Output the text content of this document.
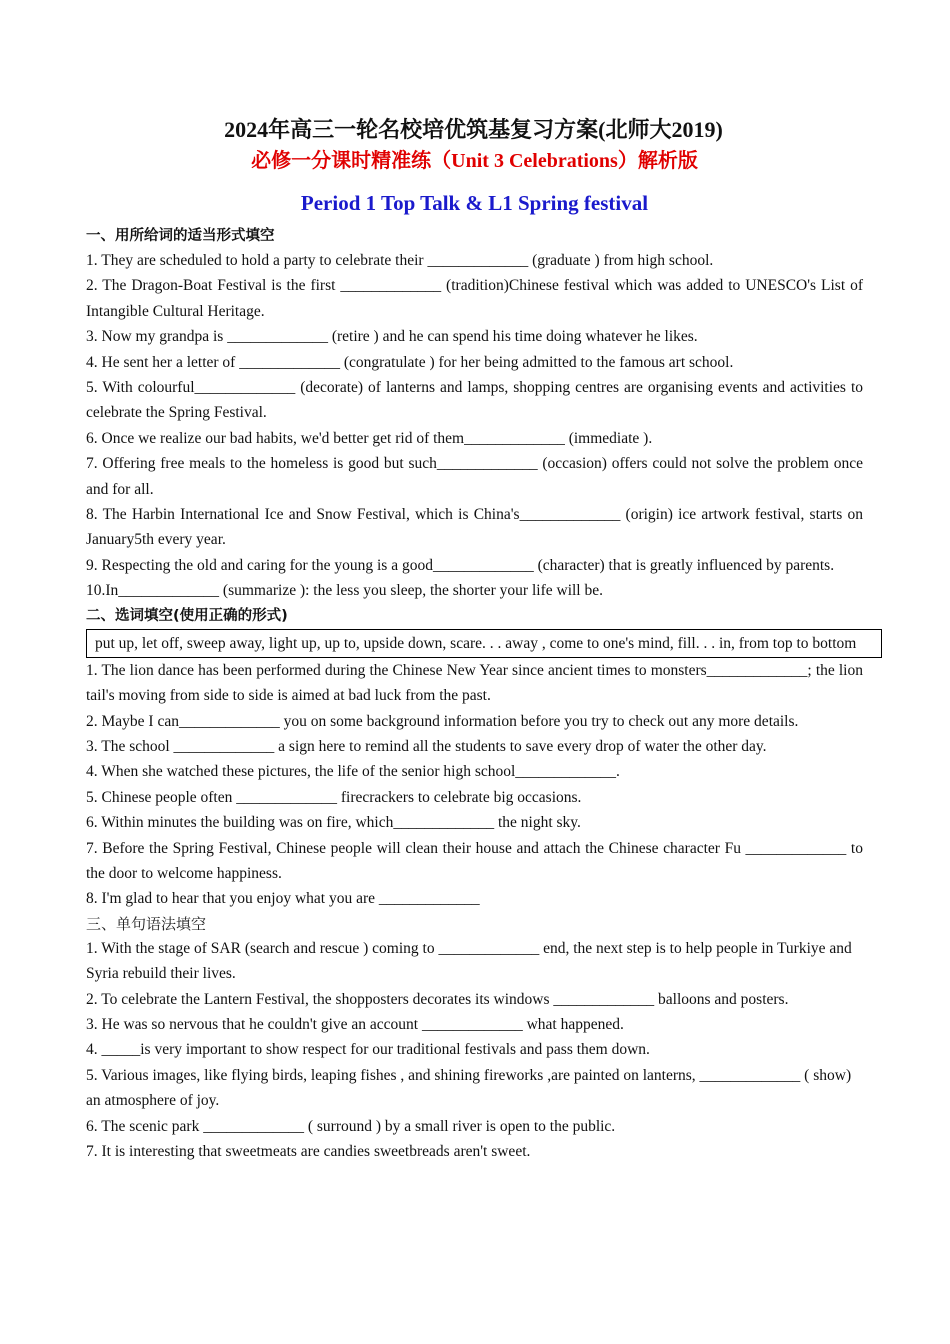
2024年高三一轮名校培优筑基复习方案(北师大2019)
必修一分课时精准练（Unit 3 Celebrations）解析版
Period 1 Top Talk & L1 Spring festival
一、用所给词的适当形式填空
1. They are scheduled to hold a party to celebrate their _____________ (graduate ) from high school.
2. The Dragon-Boat Festival is the first _____________ (tradition)Chinese festival which was added to UNESCO's List of Intangible Cultural Heritage.
3. Now my grandpa is _____________ (retire ) and he can spend his time doing whatever he likes.
4. He sent her a letter of _____________ (congratulate ) for her being admitted to the famous art school.
5. With colourful_____________ (decorate) of lanterns and lamps, shopping centres are organising events and activities to celebrate the Spring Festival.
6. Once we realize our bad habits, we'd better get rid of them_____________ (immediate ).
7. Offering free meals to the homeless is good but such_____________ (occasion) offers could not solve the problem once and for all.
8. The Harbin International Ice and Snow Festival, which is China's_____________ (origin) ice artwork festival, starts on January5th every year.
9. Respecting the old and caring for the young is a good_____________ (character) that is greatly influenced by parents.
10.In_____________ (summarize ): the less you sleep, the shorter your life will be.
二、选词填空(使用正确的形式)
put up, let off, sweep away, light up, up to, upside down, scare. . . away , come to one's mind, fill. . . in, from top to bottom
1. The lion dance has been performed during the Chinese New Year since ancient times to monsters_____________; the lion tail's moving from side to side is aimed at bad luck from the past.
2. Maybe I can_____________ you on some background information before you try to check out any more details.
3. The school _____________ a sign here to remind all the students to save every drop of water the other day.
4. When she watched these pictures, the life of the senior high school_____________.
5. Chinese people often _____________ firecrackers to celebrate big occasions.
6. Within minutes the building was on fire, which_____________ the night sky.
7. Before the Spring Festival, Chinese people will clean their house and attach the Chinese character Fu _____________ to the door to welcome happiness.
8. I'm glad to hear that you enjoy what you are _____________
三、单句语法填空
1. With the stage of SAR (search and rescue ) coming to _____________ end, the next step is to help people in Turkiye and Syria rebuild their lives.
2. To celebrate the Lantern Festival, the shopposters decorates its windows _____________ balloons and posters.
3. He was so nervous that he couldn't give an account _____________ what happened.
4. _____is very important to show respect for our traditional festivals and pass them down.
5. Various images, like flying birds, leaping fishes , and shining fireworks ,are painted on lanterns, _____________ ( show) an atmosphere of joy.
6. The scenic park _____________ ( surround ) by a small river is open to the public.
7. It is interesting that sweetmeats are candies sweetbreads aren't sweet.
